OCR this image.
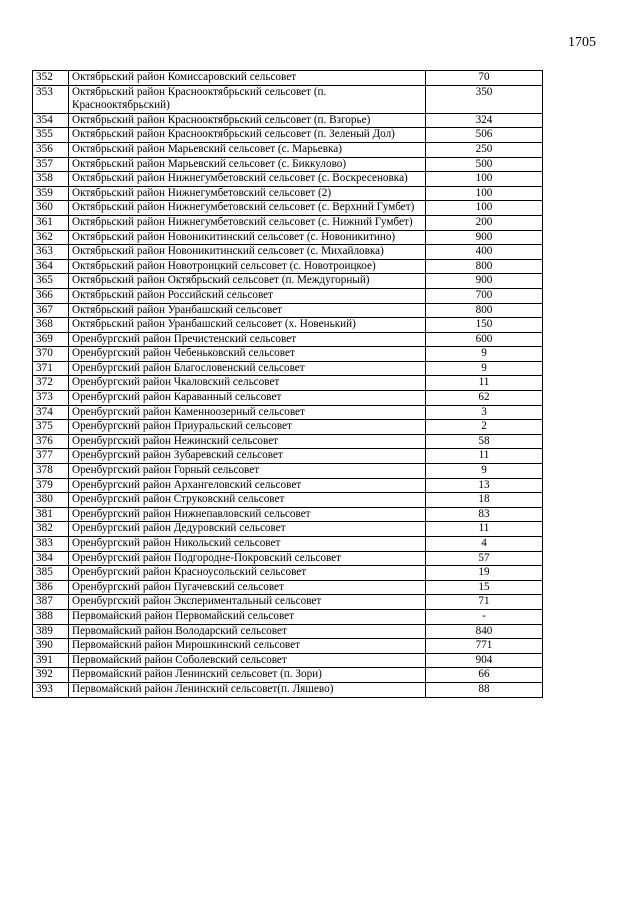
1705
352	Октябрьский район Комиссаровский сельсовет	70
353	Октябрьский район Краснооктябрьский сельсовет (п. Краснооктябрьский)	350
354	Октябрьский район Краснооктябрьский сельсовет (п. Взгорье)	324
355	Октябрьский район Краснооктябрьский сельсовет (п. Зеленый Дол)	506
356	Октябрьский район Марьевский сельсовет (с. Марьевка)	250
357	Октябрьский район Марьевский сельсовет (с. Биккулово)	500
358	Октябрьский район Нижнегумбетовский сельсовет (с. Воскресеновка)	100
359	Октябрьский район Нижнегумбетовский сельсовет (2)	100
360	Октябрьский район Нижнегумбетовский сельсовет (с. Верхний Гумбет)	100
361	Октябрьский район Нижнегумбетовский сельсовет (с. Нижний Гумбет)	200
362	Октябрьский район Новоникитинский сельсовет (с. Новоникитино)	900
363	Октябрьский район Новоникитинский сельсовет (с. Михайловка)	400
364	Октябрьский район Новотроицкий сельсовет (с. Новотроицкое)	800
365	Октябрьский район Октябрьский сельсовет (п. Междугорный)	900
366	Октябрьский район Российский сельсовет	700
367	Октябрьский район Уранбашский сельсовет	800
368	Октябрьский район Уранбашский сельсовет (х. Новенький)	150
369	Оренбургский район Пречистенский сельсовет	600
370	Оренбургский район Чебеньковский сельсовет	9
371	Оренбургский район Благословенский сельсовет	9
372	Оренбургский район Чкаловский сельсовет	11
373	Оренбургский район Караванный сельсовет	62
374	Оренбургский район Каменноозерный сельсовет	3
375	Оренбургский район Приуральский сельсовет	2
376	Оренбургский район Нежинский сельсовет	58
377	Оренбургский район Зубаревский сельсовет	11
378	Оренбургский район Горный сельсовет	9
379	Оренбургский район Архангеловский сельсовет	13
380	Оренбургский район Струковский сельсовет	18
381	Оренбургский район Нижнепавловский сельсовет	83
382	Оренбургский район Дедуровский сельсовет	11
383	Оренбургский район Никольский сельсовет	4
384	Оренбургский район Подгородне-Покровский сельсовет	57
385	Оренбургский район Красноусольский сельсовет	19
386	Оренбургский район Пугачевский сельсовет	15
387	Оренбургский район Экспериментальный сельсовет	71
388	Первомайский район Первомайский сельсовет	-
389	Первомайский район Володарский сельсовет	840
390	Первомайский район Мирошкинский сельсовет	771
391	Первомайский район Соболевский сельсовет	904
392	Первомайский район Ленинский сельсовет (п. Зори)	66
393	Первомайский район Ленинский сельсовет(п. Ляшево)	88
